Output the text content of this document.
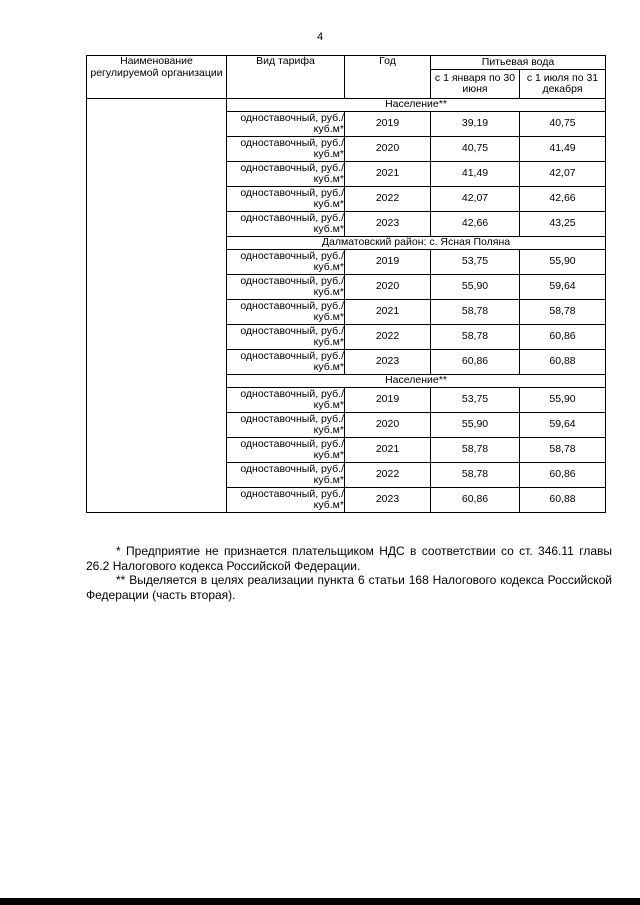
4
Наименование регулируемой организации	Вид тарифа	Год	Питьевая вода	
			с 1 января по 30 июня	с 1 июля по 31 декабря
	Население**			
	одноставочный, руб./куб.м*	2019	39,19	40,75
	одноставочный, руб./куб.м*	2020	40,75	41,49
	одноставочный, руб./куб.м*	2021	41,49	42,07
	одноставочный, руб./куб.м*	2022	42,07	42,66
	одноставочный, руб./куб.м*	2023	42,66	43,25
	Далматовский район: с. Ясная Поляна			
	одноставочный, руб./куб.м*	2019	53,75	55,90
	одноставочный, руб./куб.м*	2020	55,90	59,64
	одноставочный, руб./куб.м*	2021	58,78	58,78
	одноставочный, руб./куб.м*	2022	58,78	60,86
	одноставочный, руб./куб.м*	2023	60,86	60,88
	Население**			
	одноставочный, руб./куб.м*	2019	53,75	55,90
	одноставочный, руб./куб.м*	2020	55,90	59,64
	одноставочный, руб./куб.м*	2021	58,78	58,78
	одноставочный, руб./куб.м*	2022	58,78	60,86
	одноставочный, руб./куб.м*	2023	60,86	60,88

* Предприятие не признается плательщиком НДС в соответствии со ст. 346.11 главы 26.2 Налогового кодекса Российской Федерации.

** Выделяется в целях реализации пункта 6 статьи 168 Налогового кодекса Российской Федерации (часть вторая).
